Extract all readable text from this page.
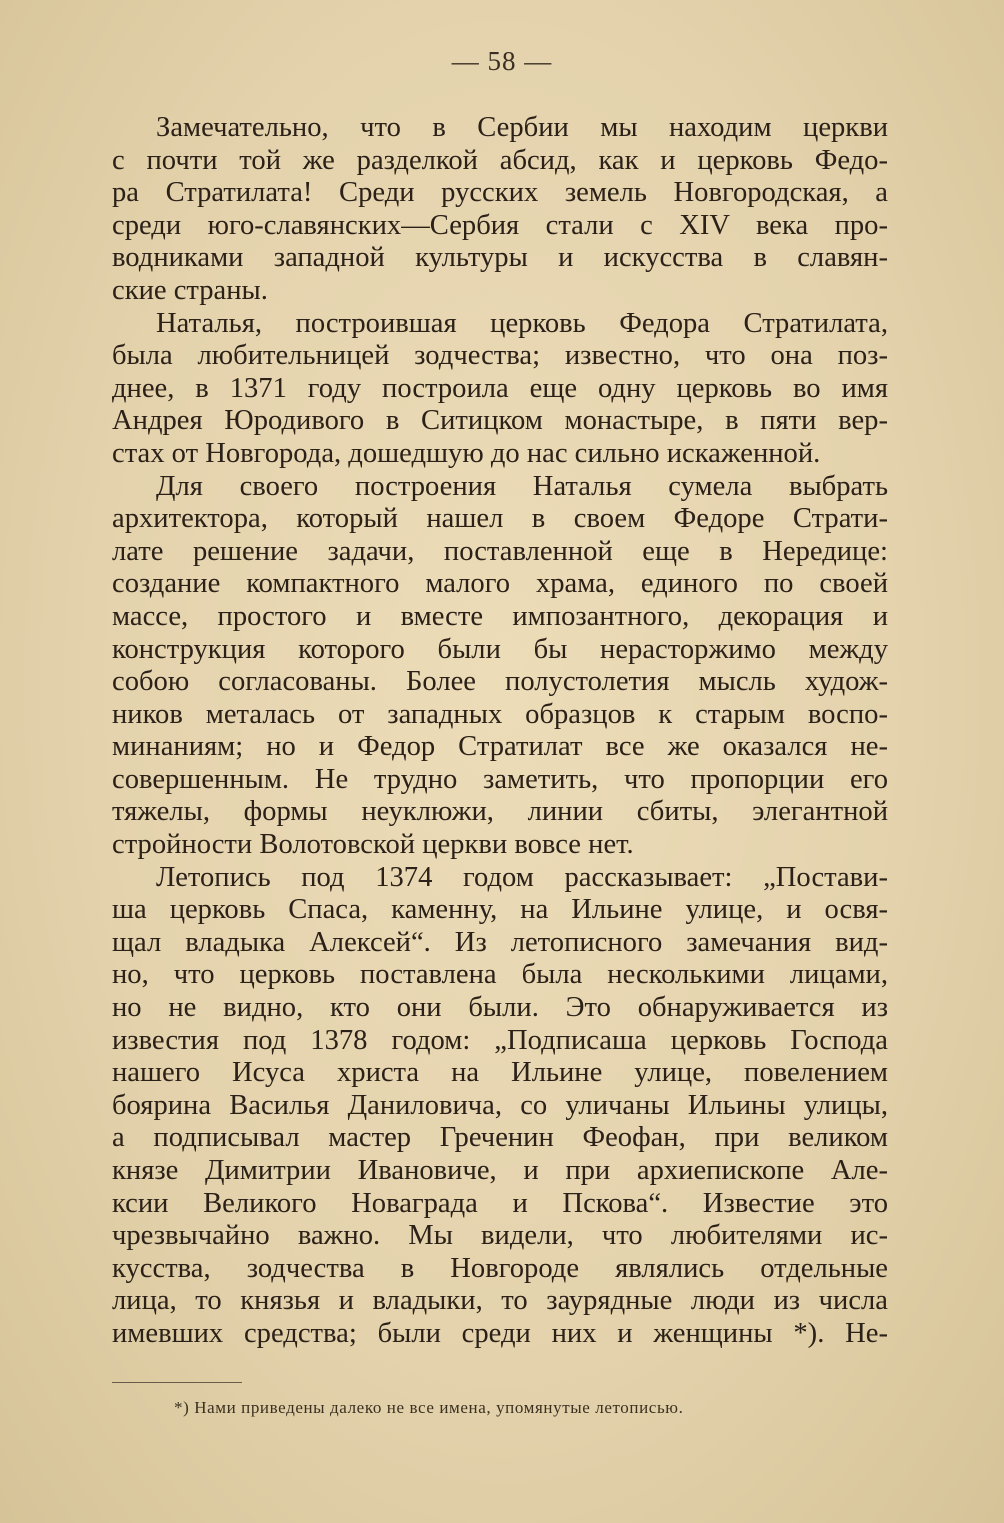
— 58 —
Замечательно, что в Сербии мы находим церкви
с почти той же разделкой абсид, как и церковь Федо-
ра Стратилата! Среди русских земель Новгородская, а
среди юго-славянских—Сербия стали с XIV века про-
водниками западной культуры и искусства в славян-
ские страны.
Наталья, построившая церковь Федора Стратилата,
была любительницей зодчества; известно, что она поз-
днее, в 1371 году построила еще одну церковь во имя
Андрея Юродивого в Ситицком монастыре, в пяти вер-
стах от Новгорода, дошедшую до нас сильно искаженной.
Для своего построения Наталья сумела выбрать
архитектора, который нашел в своем Федоре Страти-
лате решение задачи, поставленной еще в Нередице:
создание компактного малого храма, единого по своей
массе, простого и вместе импозантного, декорация и
конструкция которого были бы нерасторжимо между
собою согласованы. Более полустолетия мысль худож-
ников металась от западных образцов к старым воспо-
минаниям; но и Федор Стратилат все же оказался не-
совершенным. Не трудно заметить, что пропорции его
тяжелы, формы неуклюжи, линии сбиты, элегантной
стройности Волотовской церкви вовсе нет.
Летопись под 1374 годом рассказывает: „Постави-
ша церковь Спаса, каменну, на Ильине улице, и освя-
щал владыка Алексей“. Из летописного замечания вид-
но, что церковь поставлена была несколькими лицами,
но не видно, кто они были. Это обнаруживается из
известия под 1378 годом: „Подписаша церковь Господа
нашего Исуса христа на Ильине улице, повелением
боярина Василья Даниловича, со уличаны Ильины улицы,
а подписывал мастер Греченин Феофан, при великом
князе Димитрии Ивановиче, и при архиепископе Але-
ксии Великого Новаграда и Пскова“. Известие это
чрезвычайно важно. Мы видели, что любителями ис-
кусства, зодчества в Новгороде являлись отдельные
лица, то князья и владыки, то заурядные люди из числа
имевших средства; были среди них и женщины *). Не-
*) Нами приведены далеко не все имена, упомянутые летописью.
